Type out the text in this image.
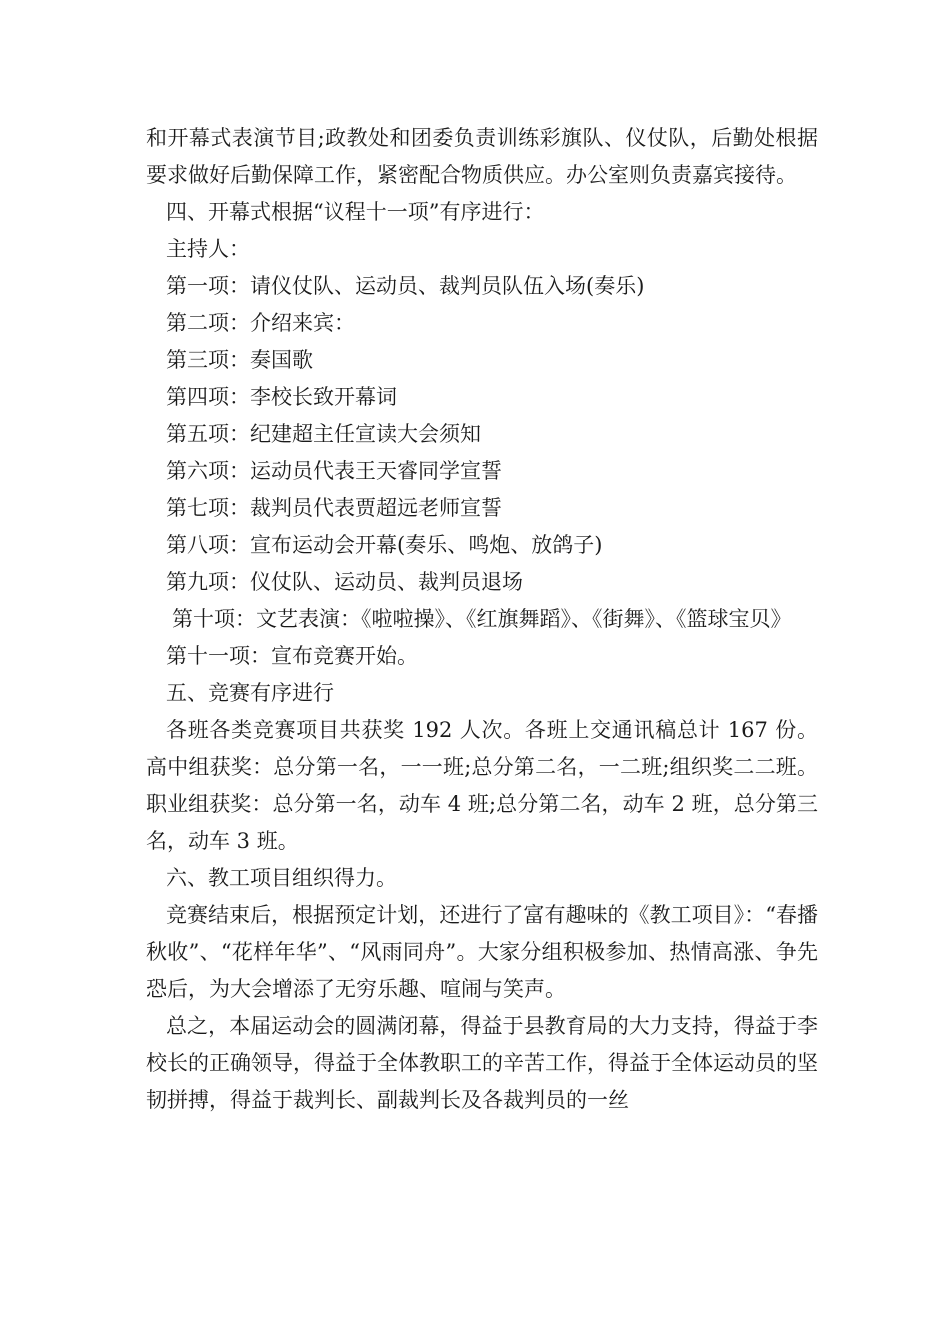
和开幕式表演节目;政教处和团委负责训练彩旗队、仪仗队，后勤处根据要求做好后勤保障工作，紧密配合物质供应。办公室则负责嘉宾接待。

四、开幕式根据“议程十一项”有序进行：

主持人：

第一项：请仪仗队、运动员、裁判员队伍入场(奏乐)

第二项：介绍来宾：

第三项：奏国歌

第四项：李校长致开幕词

第五项：纪建超主任宣读大会须知

第六项：运动员代表王天睿同学宣誓

第七项：裁判员代表贾超远老师宣誓

第八项：宣布运动会开幕(奏乐、鸣炮、放鸽子)

第九项：仪仗队、运动员、裁判员退场

第十项：文艺表演：《啦啦操》、《红旗舞蹈》、《街舞》、《篮球宝贝》

第十一项：宣布竞赛开始。

五、竞赛有序进行

各班各类竞赛项目共获奖 192 人次。各班上交通讯稿总计 167 份。高中组获奖：总分第一名，一一班;总分第二名，一二班;组织奖二二班。职业组获奖：总分第一名，动车 4 班;总分第二名，动车 2 班，总分第三名，动车 3 班。

六、教工项目组织得力。

竞赛结束后，根据预定计划，还进行了富有趣味的《教工项目》：“春播秋收”、“花样年华”、“风雨同舟”。大家分组积极参加、热情高涨、争先恐后，为大会增添了无穷乐趣、喧闹与笑声。

总之，本届运动会的圆满闭幕，得益于县教育局的大力支持，得益于李校长的正确领导，得益于全体教职工的辛苦工作，得益于全体运动员的坚韧拼搏，得益于裁判长、副裁判长及各裁判员的一丝
